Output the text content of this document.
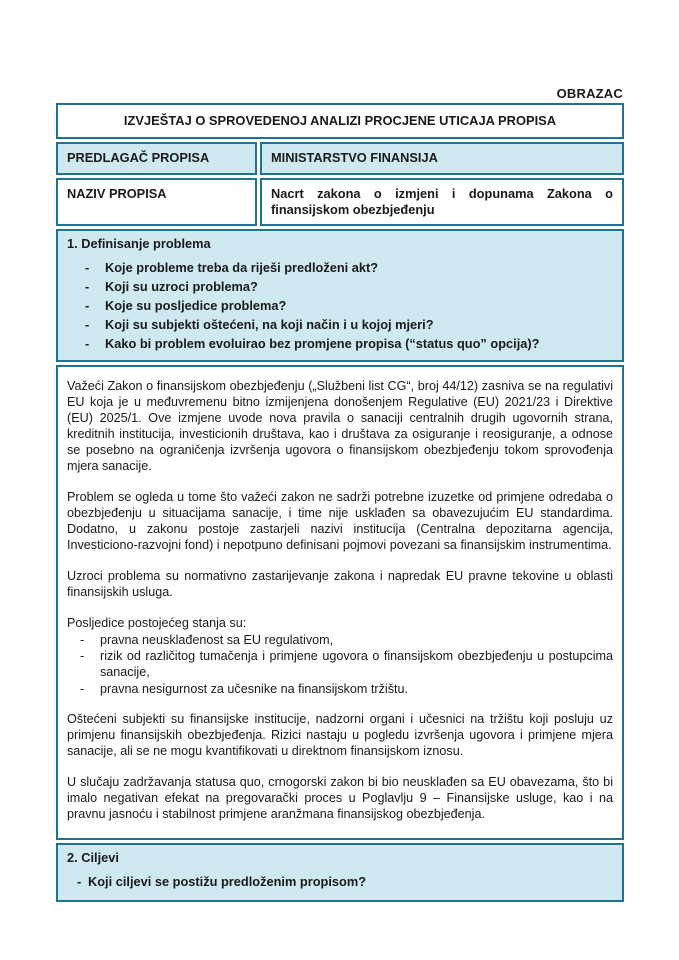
OBRAZAC
IZVJEŠTAJ O SPROVEDENOJ ANALIZI PROCJENE UTICAJA PROPISA
PREDLAGAČ PROPISA	MINISTARSTVO FINANSIJA
NAZIV PROPISA	Nacrt zakona o izmjeni i dopunama Zakona o finansijskom obezbjeđenju
1. Definisanje problema
-	Koje probleme treba da riješi predloženi akt?
-	Koji su uzroci problema?
-	Koje su posljedice problema?
-	Koji su subjekti oštećeni, na koji način i u kojoj mjeri?
-	Kako bi problem evoluirao bez promjene propisa (“status quo” opcija)?

Važeći Zakon o finansijskom obezbjeđenju („Službeni list CG“, broj 44/12) zasniva se na regulativi EU koja je u međuvremenu bitno izmijenjena donošenjem Regulative (EU) 2021/23 i Direktive (EU) 2025/1. Ove izmjene uvode nova pravila o sanaciji centralnih drugih ugovornih strana, kreditnih institucija, investicionih društava, kao i društava za osiguranje i reosiguranje, a odnose se posebno na ograničenja izvršenja ugovora o finansijskom obezbjeđenju tokom sprovođenja mjera sanacije.

Problem se ogleda u tome što važeći zakon ne sadrži potrebne izuzetke od primjene odredaba o obezbjeđenju u situacijama sanacije, i time nije usklađen sa obavezujućim EU standardima. Dodatno, u zakonu postoje zastarjeli nazivi institucija (Centralna depozitarna agencija, Investiciono-razvojni fond) i nepotpuno definisani pojmovi povezani sa finansijskim instrumentima.

Uzroci problema su normativno zastarijevanje zakona i napredak EU pravne tekovine u oblasti finansijskih usluga.

Posljedice postojećeg stanja su:

-	pravna neusklađenost sa EU regulativom,
-	rizik od različitog tumačenja i primjene ugovora o finansijskom obezbjeđenju u postupcima sanacije,
-	pravna nesigurnost za učesnike na finansijskom tržištu.

Oštećeni subjekti su finansijske institucije, nadzorni organi i učesnici na tržištu koji posluju uz primjenu finansijskih obezbjeđenja. Rizici nastaju u pogledu izvršenja ugovora i primjene mjera sanacije, ali se ne mogu kvantifikovati u direktnom finansijskom iznosu.

U slučaju zadržavanja statusa quo, crnogorski zakon bi bio neusklađen sa EU obavezama, što bi imalo negativan efekat na pregovarački proces u Poglavlju 9 – Finansijske usluge, kao i na pravnu jasnoću i stabilnost primjene aranžmana finansijskog obezbjeđenja.

2. Ciljevi
- Koji ciljevi se postižu predloženim propisom?
